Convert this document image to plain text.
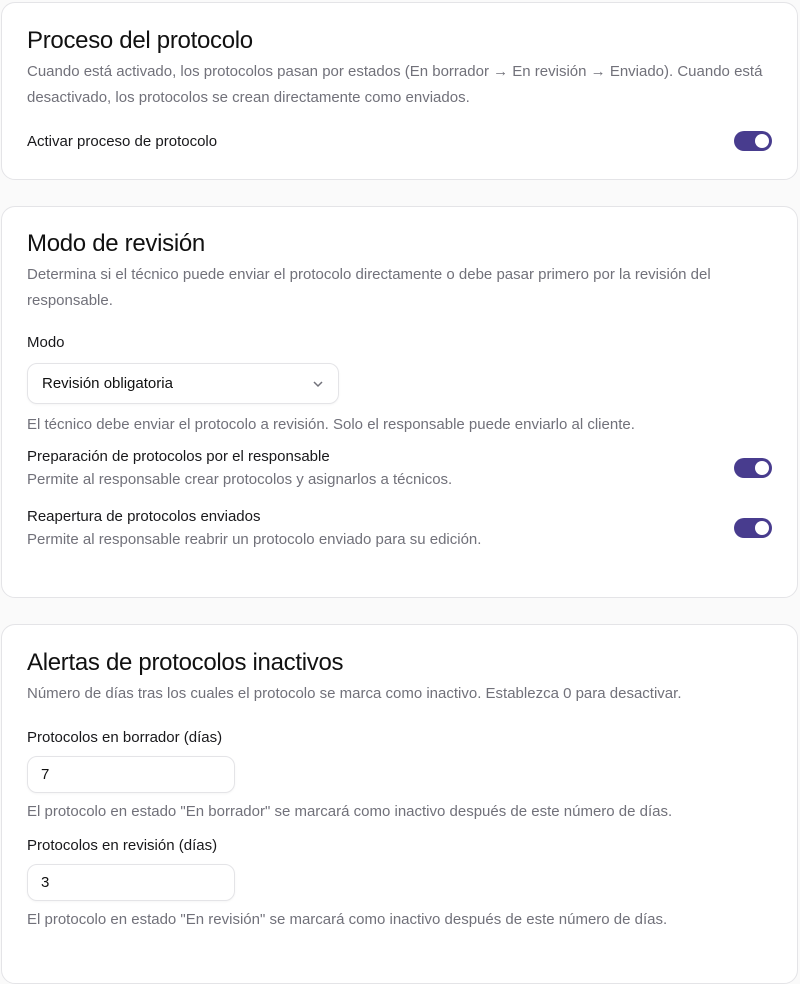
Proceso del protocolo

Cuando está activado, los protocolos pasan por estados (En borrador → En revisión → Enviado). Cuando está desactivado, los protocolos se crean directamente como enviados.

Activar proceso de protocolo
Modo de revisión

Determina si el técnico puede enviar el protocolo directamente o debe pasar primero por la revisión del responsable.

Modo
Revisión obligatoria

El técnico debe enviar el protocolo a revisión. Solo el responsable puede enviarlo al cliente.

Preparación de protocolos por el responsable
Permite al responsable crear protocolos y asignarlos a técnicos.
Reapertura de protocolos enviados
Permite al responsable reabrir un protocolo enviado para su edición.
Alertas de protocolos inactivos

Número de días tras los cuales el protocolo se marca como inactivo. Establezca 0 para desactivar.

Protocolos en borrador (días)
7

El protocolo en estado "En borrador" se marcará como inactivo después de este número de días.

Protocolos en revisión (días)
3

El protocolo en estado "En revisión" se marcará como inactivo después de este número de días.
